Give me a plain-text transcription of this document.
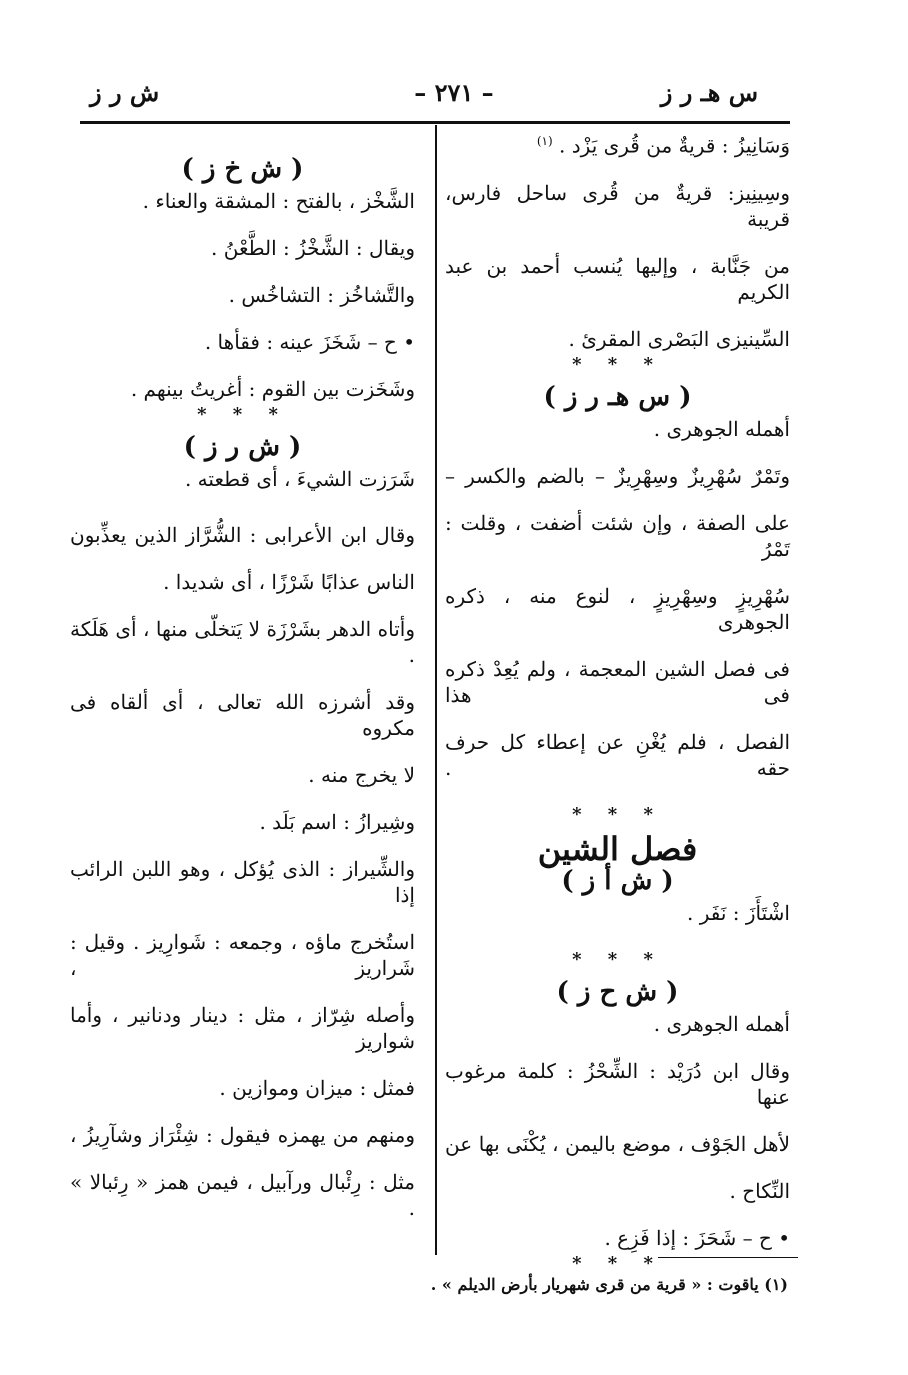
س هـ ر ز
– ٢٧١ –
ش ر ز
وَسَانِيزُ : قريةٌ من قُرى يَزْد . $^{(١)}$
وسِينِيز: قريةٌ من قُرى ساحل فارس، قريبة
من جَنَّابة ، وإليها يُنسب أحمد بن عبد الكريم
السِّينيزى البَصْرى المقرئ .
* * *
( س هـ ر ز )
أهمله الجوهرى .
وتَمْرٌ سُهْرِيزٌ وسِهْرِيزٌ – بالضم والكسر –
على الصفة ، وإن شئت أضفت ، وقلت : تَمْرُ
سُهْرِيزٍ وسِهْرِيزٍ ، لنوع منه ، ذكره الجوهرى
فى فصل الشين المعجمة ، ولم يُعِدْ ذكره فى هذا
الفصل ، فلم يُغْنِ عن إعطاء كل حرف حقه .
* * *
فصل الشين
( ش أ ز )
اشْتَأَزَ : نَفَر .
* * *
( ش ح ز )
أهمله الجوهرى .
وقال ابن دُرَيْد : الشِّحْزُ : كلمة مرغوب عنها
لأهل الجَوْف ، موضع باليمن ، يُكْنَى بها عن
النِّكاح .
• ح – شَحَزَ : إذا فَزِع .
* * *
( ش خ ز )
الشَّخْز ، بالفتح : المشقة والعناء .
ويقال : الشَّخْزُ : الطَّعْنُ .
والتَّشاخُز : التشاخُس .
• ح – شَخَزَ عينه : فقأها .
وشَخَزت بين القوم : أغريتُ بينهم .
* * *
( ش ر ز )
شَرَزت الشيءَ ، أى قطعته .
وقال ابن الأعرابى : الشُّرَّاز الذين يعذِّبون
الناس عذابًا شَرْزًا ، أى شديدا .
وأتاه الدهر بشَرْزَة لا يَتخلّى منها ، أى هَلَكة .
وقد أشرزه الله تعالى ، أى ألقاه فى مكروه
لا يخرج منه .
وشِيرازُ : اسم بَلَد .
والشِّيراز : الذى يُؤكل ، وهو اللبن الرائب إذا
استُخرج ماؤه ، وجمعه : شَوارِيز . وقيل : شَراريز ،
وأصله شِرّاز ، مثل : دينار ودنانير ، وأما شواريز
فمثل : ميزان وموازين .
ومنهم من يهمزه فيقول : شِئْرَاز وشآرِيزُ ،
مثل : رِئْبال ورآبيل ، فيمن همز « رِئبالا » .
(١) ياقوت : « قرية من قرى شهريار بأرض الديلم » .
